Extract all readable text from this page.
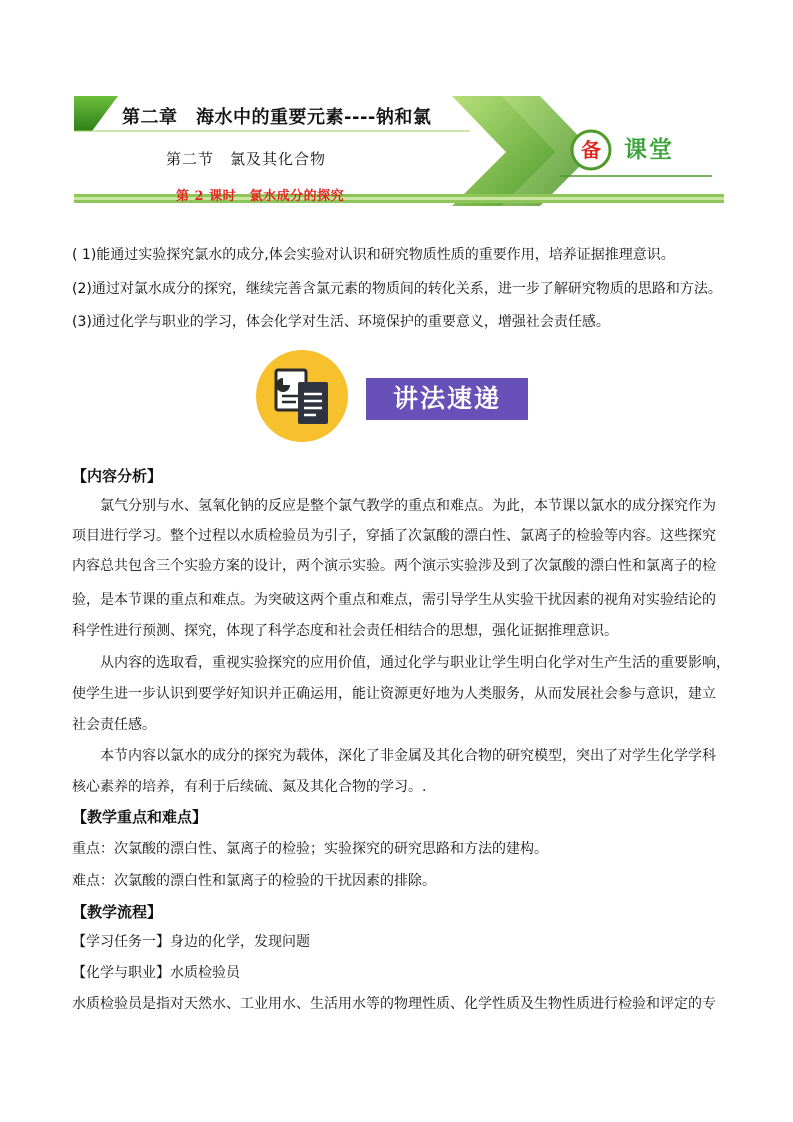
第二章　海水中的重要元素----钠和氯
第二节　氯及其化合物
第 2 课时　氯水成分的探究
备	课堂
( 1)能通过实验探究氯水的成分,体会实验对认识和研究物质性质的重要作用，培养证据推理意识。
(2)通过对氯水成分的探究，继续完善含氯元素的物质间的转化关系，进一步了解研究物质的思路和方法。
(3)通过化学与职业的学习，体会化学对生活、环境保护的重要意义，增强社会责任感。
讲法速递
【内容分析】
　　氯气分别与水、氢氧化钠的反应是整个氯气教学的重点和难点。为此，本节课以氯水的成分探究作为
项目进行学习。整个过程以水质检验员为引子，穿插了次氯酸的漂白性、氯离子的检验等内容。这些探究
内容总共包含三个实验方案的设计，两个演示实验。两个演示实验涉及到了次氯酸的漂白性和氯离子的检
验，是本节课的重点和难点。为突破这两个重点和难点，需引导学生从实验干扰因素的视角对实验结论的
科学性进行预测、探究，体现了科学态度和社会责任相结合的思想，强化证据推理意识。
　　从内容的选取看，重视实验探究的应用价值，通过化学与职业让学生明白化学对生产生活的重要影响，
使学生进一步认识到要学好知识并正确运用，能让资源更好地为人类服务，从而发展社会参与意识，建立
社会责任感。
　　本节内容以氯水的成分的探究为载体，深化了非金属及其化合物的研究模型，突出了对学生化学学科
核心素养的培养，有利于后续硫、氮及其化合物的学习。.
【教学重点和难点】
重点：次氯酸的漂白性、氯离子的检验；实验探究的研究思路和方法的建构。
难点：次氯酸的漂白性和氯离子的检验的干扰因素的排除。
【教学流程】
【学习任务一】身边的化学，发现问题
【化学与职业】水质检验员
水质检验员是指对天然水、工业用水、生活用水等的物理性质、化学性质及生物性质进行检验和评定的专
